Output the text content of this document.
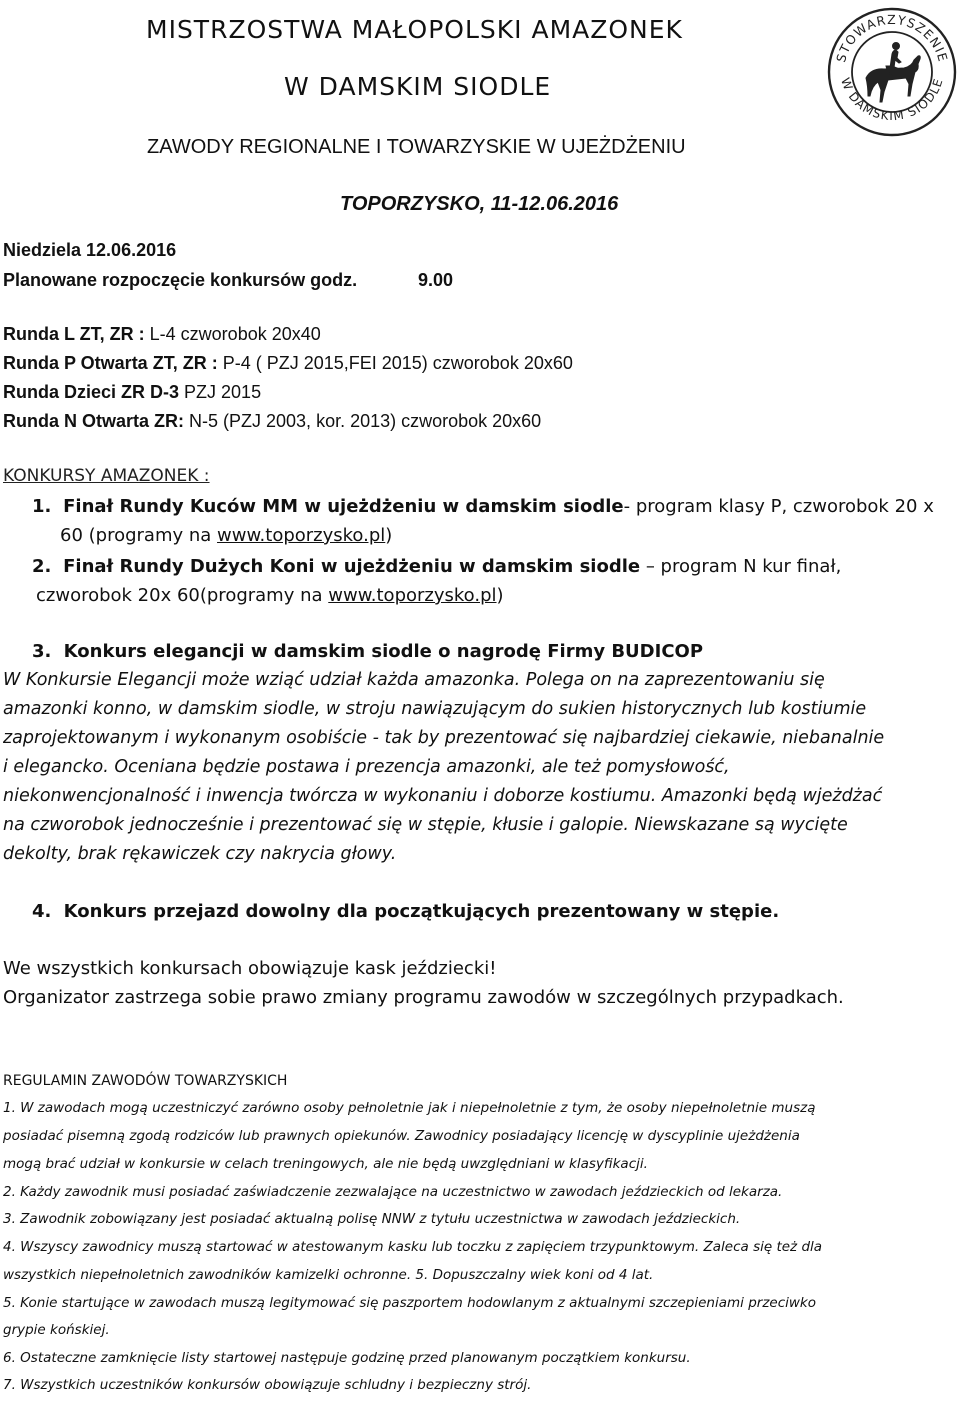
MISTRZOSTWA MAŁOPOLSKI AMAZONEK
W DAMSKIM SIODLE
ZAWODY REGIONALNE I TOWARZYSKIE W UJEŻDŻENIU
TOPORZYSKO, 11-12.06.2016
STOWARZYSZENIE
W DAMSKIM SIODLE
Niedziela 12.06.2016
Planowane rozpoczęcie konkursów godz.	9.00
Runda L ZT, ZR : L-4 czworobok 20x40
Runda P Otwarta ZT, ZR : P-4 ( PZJ 2015,FEI 2015) czworobok 20x60
Runda Dzieci ZR D-3 PZJ 2015
Runda N Otwarta ZR: N-5 (PZJ 2003, kor. 2013) czworobok 20x60
KONKURSY AMAZONEK :
1. Finał Rundy Kuców MM w ujeżdżeniu w damskim siodle- program klasy P, czworobok 20 x
60 (programy na www.toporzysko.pl)
2. Finał Rundy Dużych Koni w ujeżdżeniu w damskim siodle – program N kur finał,
czworobok 20x 60(programy na www.toporzysko.pl)
3. Konkurs elegancji w damskim siodle o nagrodę Firmy BUDICOP
W Konkursie Elegancji może wziąć udział każda amazonka. Polega on na zaprezentowaniu się
amazonki konno, w damskim siodle, w stroju nawiązującym do sukien historycznych lub kostiumie
zaprojektowanym i wykonanym osobiście - tak by prezentować się najbardziej ciekawie, niebanalnie
i elegancko. Oceniana będzie postawa i prezencja amazonki, ale też pomysłowość,
niekonwencjonalność i inwencja twórcza w wykonaniu i doborze kostiumu. Amazonki będą wjeżdżać
na czworobok jednocześnie i prezentować się w stępie, kłusie i galopie. Niewskazane są wycięte
dekolty, brak rękawiczek czy nakrycia głowy.
4. Konkurs przejazd dowolny dla początkujących prezentowany w stępie.
We wszystkich konkursach obowiązuje kask jeździecki!
Organizator zastrzega sobie prawo zmiany programu zawodów w szczególnych przypadkach.
REGULAMIN ZAWODÓW TOWARZYSKICH
1. W zawodach mogą uczestniczyć zarówno osoby pełnoletnie jak i niepełnoletnie z tym, że osoby niepełnoletnie muszą
posiadać pisemną zgodą rodziców lub prawnych opiekunów. Zawodnicy posiadający licencję w dyscyplinie ujeżdżenia
mogą brać udział w konkursie w celach treningowych, ale nie będą uwzględniani w klasyfikacji.
2. Każdy zawodnik musi posiadać zaświadczenie zezwalające na uczestnictwo w zawodach jeździeckich od lekarza.
3. Zawodnik zobowiązany jest posiadać aktualną polisę NNW z tytułu uczestnictwa w zawodach jeździeckich.
4. Wszyscy zawodnicy muszą startować w atestowanym kasku lub toczku z zapięciem trzypunktowym. Zaleca się też dla
wszystkich niepełnoletnich zawodników kamizelki ochronne. 5. Dopuszczalny wiek koni od 4 lat.
5. Konie startujące w zawodach muszą legitymować się paszportem hodowlanym z aktualnymi szczepieniami przeciwko
grypie końskiej.
6. Ostateczne zamknięcie listy startowej następuje godzinę przed planowanym początkiem konkursu.
7. Wszystkich uczestników konkursów obowiązuje schludny i bezpieczny strój.
